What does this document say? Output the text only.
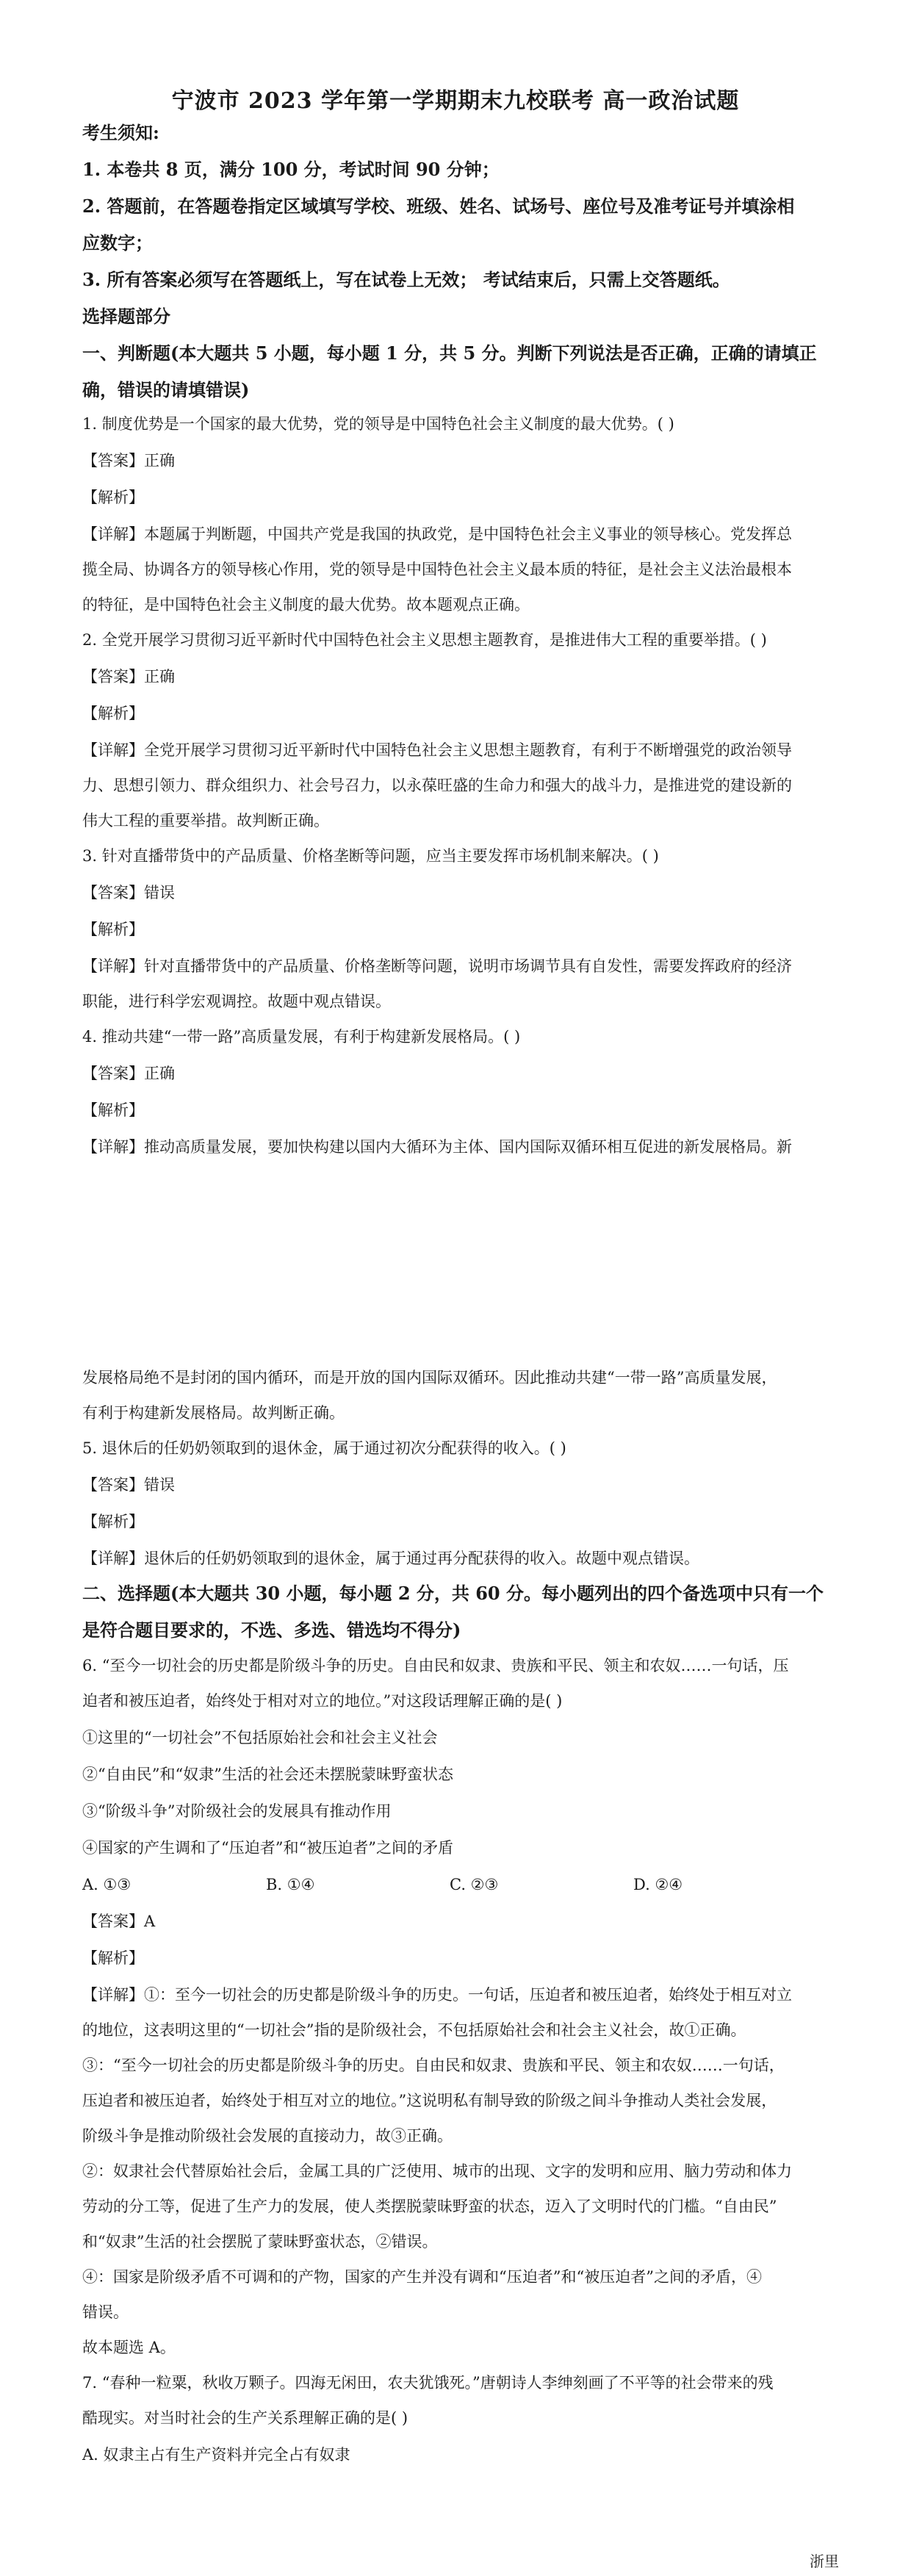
宁波市 2023 学年第一学期期末九校联考 高一政治试题
考生须知:
1. 本卷共 8 页，满分 100 分，考试时间 90 分钟；
2. 答题前，在答题卷指定区域填写学校、班级、姓名、试场号、座位号及准考证号并填涂相
应数字；
3. 所有答案必须写在答题纸上，写在试卷上无效； 考试结束后，只需上交答题纸。
选择题部分
一、判断题(本大题共 5 小题，每小题 1 分，共 5 分。判断下列说法是否正确，正确的请填正
确，错误的请填错误)
1. 制度优势是一个国家的最大优势，党的领导是中国特色社会主义制度的最大优势。( )
【答案】正确
【解析】
【详解】本题属于判断题，中国共产党是我国的执政党，是中国特色社会主义事业的领导核心。党发挥总
揽全局、协调各方的领导核心作用，党的领导是中国特色社会主义最本质的特征，是社会主义法治最根本
的特征，是中国特色社会主义制度的最大优势。故本题观点正确。
2. 全党开展学习贯彻习近平新时代中国特色社会主义思想主题教育，是推进伟大工程的重要举措。( )
【答案】正确
【解析】
【详解】全党开展学习贯彻习近平新时代中国特色社会主义思想主题教育，有利于不断增强党的政治领导
力、思想引领力、群众组织力、社会号召力，以永葆旺盛的生命力和强大的战斗力，是推进党的建设新的
伟大工程的重要举措。故判断正确。
3. 针对直播带货中的产品质量、价格垄断等问题，应当主要发挥市场机制来解决。( )
【答案】错误
【解析】
【详解】针对直播带货中的产品质量、价格垄断等问题，说明市场调节具有自发性，需要发挥政府的经济
职能，进行科学宏观调控。故题中观点错误。
4. 推动共建“一带一路”高质量发展，有利于构建新发展格局。( )
【答案】正确
【解析】
【详解】推动高质量发展，要加快构建以国内大循环为主体、国内国际双循环相互促进的新发展格局。新
发展格局绝不是封闭的国内循环，而是开放的国内国际双循环。因此推动共建“一带一路”高质量发展，
有利于构建新发展格局。故判断正确。
5. 退休后的任奶奶领取到的退休金，属于通过初次分配获得的收入。( )
【答案】错误
【解析】
【详解】退休后的任奶奶领取到的退休金，属于通过再分配获得的收入。故题中观点错误。
二、选择题(本大题共 30 小题，每小题 2 分，共 60 分。每小题列出的四个备选项中只有一个
是符合题目要求的，不选、多选、错选均不得分)
6. “至今一切社会的历史都是阶级斗争的历史。自由民和奴隶、贵族和平民、领主和农奴……一句话，压
迫者和被压迫者，始终处于相对对立的地位。”对这段话理解正确的是( )
①这里的“一切社会”不包括原始社会和社会主义社会
②“自由民”和“奴隶”生活的社会还未摆脱蒙昧野蛮状态
③“阶级斗争”对阶级社会的发展具有推动作用
④国家的产生调和了“压迫者”和“被压迫者”之间的矛盾
A. ①③	B. ①④	C. ②③	D. ②④
【答案】A
【解析】
【详解】①：至今一切社会的历史都是阶级斗争的历史。一句话，压迫者和被压迫者，始终处于相互对立
的地位，这表明这里的“一切社会”指的是阶级社会，不包括原始社会和社会主义社会，故①正确。
③：“至今一切社会的历史都是阶级斗争的历史。自由民和奴隶、贵族和平民、领主和农奴……一句话，
压迫者和被压迫者，始终处于相互对立的地位。”这说明私有制导致的阶级之间斗争推动人类社会发展，
阶级斗争是推动阶级社会发展的直接动力，故③正确。
②：奴隶社会代替原始社会后，金属工具的广泛使用、城市的出现、文字的发明和应用、脑力劳动和体力
劳动的分工等，促进了生产力的发展，使人类摆脱蒙昧野蛮的状态，迈入了文明时代的门槛。“自由民”
和“奴隶”生活的社会摆脱了蒙昧野蛮状态，②错误。
④：国家是阶级矛盾不可调和的产物，国家的产生并没有调和“压迫者”和“被压迫者”之间的矛盾，④
错误。
故本题选 A。
7. “春种一粒粟，秋收万颗子。四海无闲田，农夫犹饿死。”唐朝诗人李绅刻画了不平等的社会带来的残
酷现实。对当时社会的生产关系理解正确的是( )
A. 奴隶主占有生产资料并完全占有奴隶
浙里
